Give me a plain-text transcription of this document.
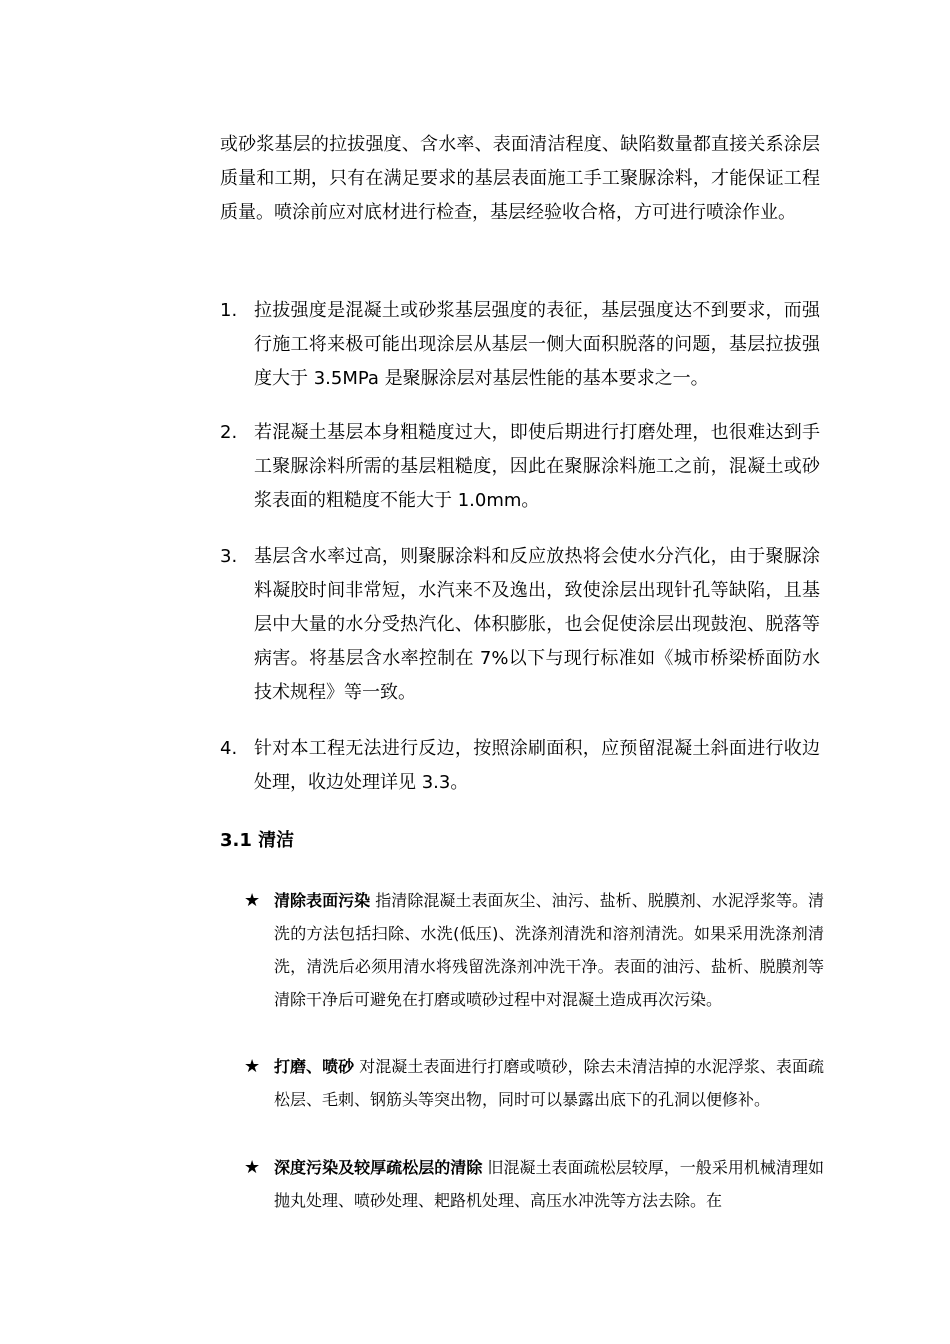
或砂浆基层的拉拔强度、含水率、表面清洁程度、缺陷数量都直接关系涂层质量和工期，只有在满足要求的基层表面施工手工聚脲涂料，才能保证工程质量。喷涂前应对底材进行检查，基层经验收合格，方可进行喷涂作业。

1. 拉拔强度是混凝土或砂浆基层强度的表征，基层强度达不到要求，而强行施工将来极可能出现涂层从基层一侧大面积脱落的问题，基层拉拔强度大于 3.5MPa 是聚脲涂层对基层性能的基本要求之一。
2. 若混凝土基层本身粗糙度过大，即使后期进行打磨处理，也很难达到手工聚脲涂料所需的基层粗糙度，因此在聚脲涂料施工之前，混凝土或砂浆表面的粗糙度不能大于 1.0mm。
3. 基层含水率过高，则聚脲涂料和反应放热将会使水分汽化，由于聚脲涂料凝胶时间非常短，水汽来不及逸出，致使涂层出现针孔等缺陷，且基层中大量的水分受热汽化、体积膨胀，也会促使涂层出现鼓泡、脱落等病害。将基层含水率控制在 7%以下与现行标准如《城市桥梁桥面防水技术规程》等一致。
4. 针对本工程无法进行反边，按照涂刷面积，应预留混凝土斜面进行收边处理，收边处理详见 3.3。
3.1 清洁
★ 清除表面污染 指清除混凝土表面灰尘、油污、盐析、脱膜剂、水泥浮浆等。清洗的方法包括扫除、水洗(低压)、洗涤剂清洗和溶剂清洗。如果采用洗涤剂清洗，清洗后必须用清水将残留洗涤剂冲洗干净。表面的油污、盐析、脱膜剂等清除干净后可避免在打磨或喷砂过程中对混凝土造成再次污染。
★ 打磨、喷砂 对混凝土表面进行打磨或喷砂，除去未清洁掉的水泥浮浆、表面疏松层、毛刺、钢筋头等突出物，同时可以暴露出底下的孔洞以便修补。
★ 深度污染及较厚疏松层的清除 旧混凝土表面疏松层较厚，一般采用机械清理如抛丸处理、喷砂处理、耙路机处理、高压水冲洗等方法去除。在
